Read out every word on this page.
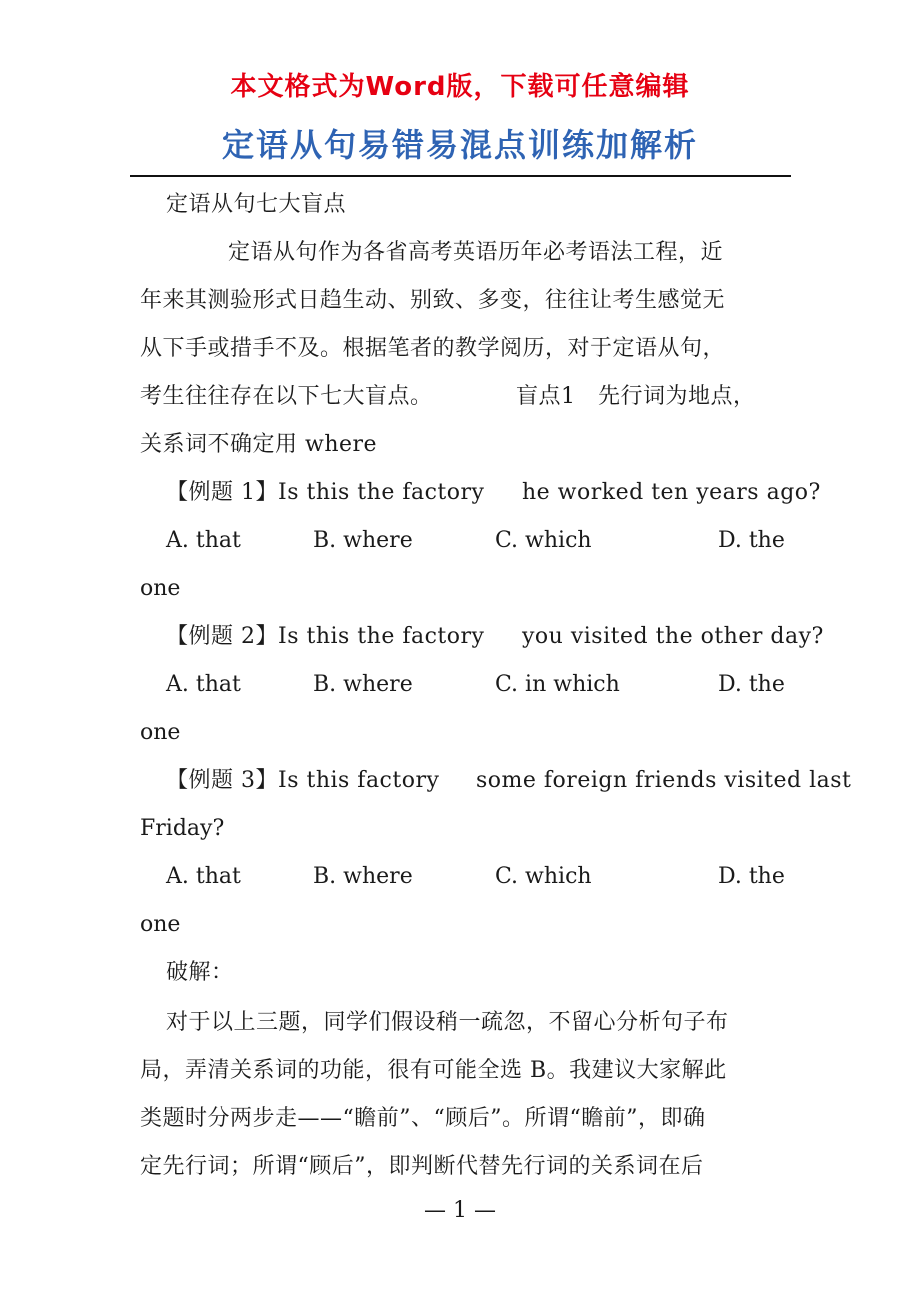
本文格式为Word版，下载可任意编辑
定语从句易错易混点训练加解析
定语从句七大盲点
定语从句作为各省高考英语历年必考语法工程，近
年来其测验形式日趋生动、别致、多变，往往让考生感觉无
从下手或措手不及。根据笔者的教学阅历，对于定语从句，
考生往往存在以下七大盲点。	盲点1　先行词为地点，
关系词不确定用 where
【例题 1】Is this the factory he worked ten years ago?
A. that	B. where	C. which	D. the
one
【例题 2】Is this the factory you visited the other day?
A. that	B. where	C. in which	D. the
one
【例题 3】Is this factory some foreign friends visited last
Friday?
A. that	B. where	C. which	D. the
one
破解：
对于以上三题，同学们假设稍一疏忽，不留心分析句子布
局，弄清关系词的功能，很有可能全选 B。我建议大家解此
类题时分两步走——“瞻前”、“顾后”。所谓“瞻前”，即确
定先行词；所谓“顾后”，即判断代替先行词的关系词在后
— 1 —
